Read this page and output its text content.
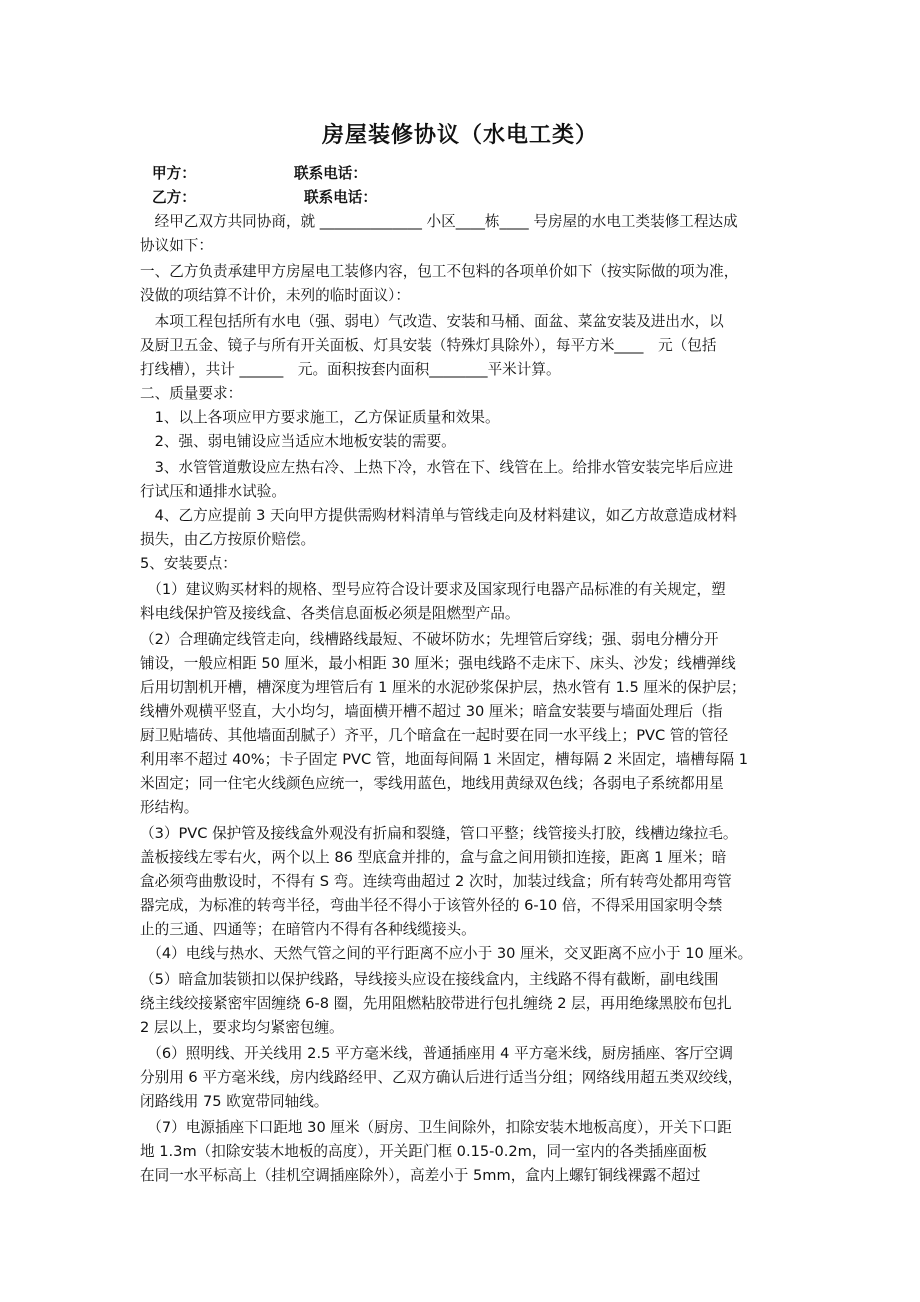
房屋装修协议（水电工类）
甲方：	联系电话：
乙方：	联系电话：
　经甲乙双方共同协商，就 ______________ 小区____栋____ 号房屋的水电工类装修工程达成
协议如下：
一、乙方负责承建甲方房屋电工装修内容，包工不包料的各项单价如下（按实际做的项为准，
没做的项结算不计价，未列的临时面议）：
　本项工程包括所有水电（强、弱电）气改造、安装和马桶、面盆、菜盆安装及进出水，以
及厨卫五金、镜子与所有开关面板、灯具安装（特殊灯具除外），每平方米____　元（包括
打线槽），共计 ______　元。面积按套内面积________平米计算。
二、质量要求：
　1、以上各项应甲方要求施工，乙方保证质量和效果。
　2、强、弱电铺设应当适应木地板安装的需要。
　3、水管管道敷设应左热右冷、上热下冷，水管在下、线管在上。给排水管安装完毕后应进
行试压和通排水试验。
　4、乙方应提前 3 天向甲方提供需购材料清单与管线走向及材料建议，如乙方故意造成材料
损失，由乙方按原价赔偿。
5、安装要点：
　（1）建议购买材料的规格、型号应符合设计要求及国家现行电器产品标准的有关规定，塑
料电线保护管及接线盒、各类信息面板必须是阻燃型产品。
（2）合理确定线管走向，线槽路线最短、不破坏防水；先埋管后穿线；强、弱电分槽分开
铺设，一般应相距 50 厘米，最小相距 30 厘米；强电线路不走床下、床头、沙发；线槽弹线
后用切割机开槽，槽深度为埋管后有 1 厘米的水泥砂浆保护层，热水管有 1.5 厘米的保护层；
线槽外观横平竖直，大小均匀，墙面横开槽不超过 30 厘米；暗盒安装要与墙面处理后（指
厨卫贴墙砖、其他墙面刮腻子）齐平，几个暗盒在一起时要在同一水平线上；PVC 管的管径
利用率不超过 40%；卡子固定 PVC 管，地面每间隔 1 米固定，槽每隔 2 米固定，墙槽每隔 1
米固定；同一住宅火线颜色应统一，零线用蓝色，地线用黄绿双色线；各弱电子系统都用星
形结构。
（3）PVC 保护管及接线盒外观没有折扁和裂缝，管口平整；线管接头打胶，线槽边缘拉毛。
盖板接线左零右火，两个以上 86 型底盒并排的，盒与盒之间用锁扣连接，距离 1 厘米；暗
盒必须弯曲敷设时，不得有 S 弯。连续弯曲超过 2 次时，加装过线盒；所有转弯处都用弯管
器完成，为标准的转弯半径，弯曲半径不得小于该管外径的 6-10 倍，不得采用国家明令禁
止的三通、四通等；在暗管内不得有各种线缆接头。
　（4）电线与热水、天然气管之间的平行距离不应小于 30 厘米，交叉距离不应小于 10 厘米。
（5）暗盒加装锁扣以保护线路，导线接头应设在接线盒内，主线路不得有截断，副电线围
绕主线绞接紧密牢固缠绕 6-8 圈，先用阻燃粘胶带进行包扎缠绕 2 层，再用绝缘黑胶布包扎
2 层以上，要求均匀紧密包缠。
　（6）照明线、开关线用 2.5 平方毫米线，普通插座用 4 平方毫米线，厨房插座、客厅空调
分别用 6 平方毫米线，房内线路经甲、乙双方确认后进行适当分组；网络线用超五类双绞线，
闭路线用 75 欧宽带同轴线。
　（7）电源插座下口距地 30 厘米（厨房、卫生间除外，扣除安装木地板高度），开关下口距
地 1.3m（扣除安装木地板的高度），开关距门框 0.15-0.2m，同一室内的各类插座面板
在同一水平标高上（挂机空调插座除外），高差小于 5mm，盒内上螺钉铜线裸露不超过
